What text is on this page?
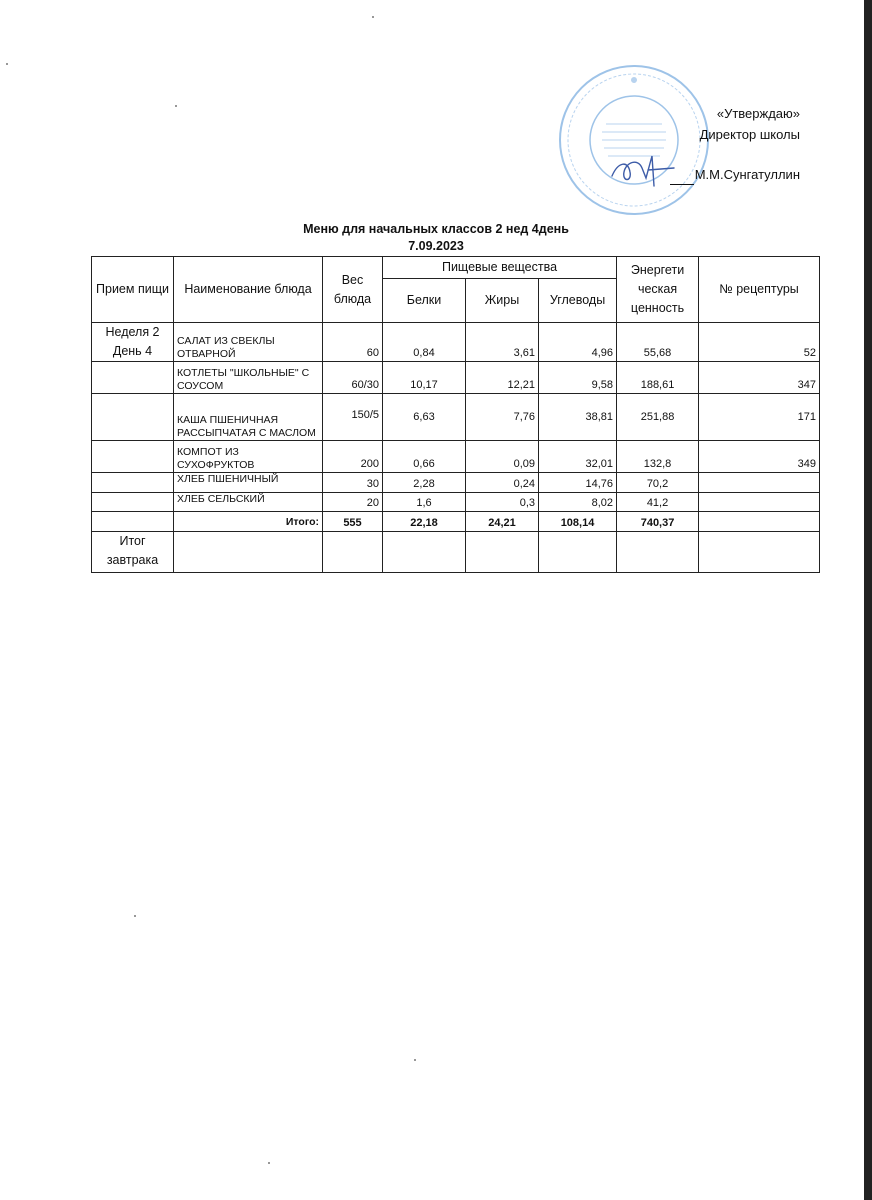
«Утверждаю»
Директор школы
М.М.Сунгатуллин
Меню для начальных классов 2 нед 4день
7.09.2023
Прием пищи	Наименование блюда	Вес блюда	Пищевые вещества			Энергети ческая ценность	№ рецептуры
			Белки	Жиры	Углеводы		
Неделя 2 День 4	САЛАТ ИЗ СВЕКЛЫ ОТВАРНОЙ	60	0,84	3,61	4,96	55,68	52
	КОТЛЕТЫ "ШКОЛЬНЫЕ" С СОУСОМ	60/30	10,17	12,21	9,58	188,61	347
	КАША ПШЕНИЧНАЯ РАССЫПЧАТАЯ С МАСЛОМ	150/5	6,63	7,76	38,81	251,88	171
	КОМПОТ ИЗ СУХОФРУКТОВ	200	0,66	0,09	32,01	132,8	349
	ХЛЕБ ПШЕНИЧНЫЙ	30	2,28	0,24	14,76	70,2	
	ХЛЕБ СЕЛЬСКИЙ	20	1,6	0,3	8,02	41,2	
	Итого:	555	22,18	24,21	108,14	740,37	
Итог завтрака							
